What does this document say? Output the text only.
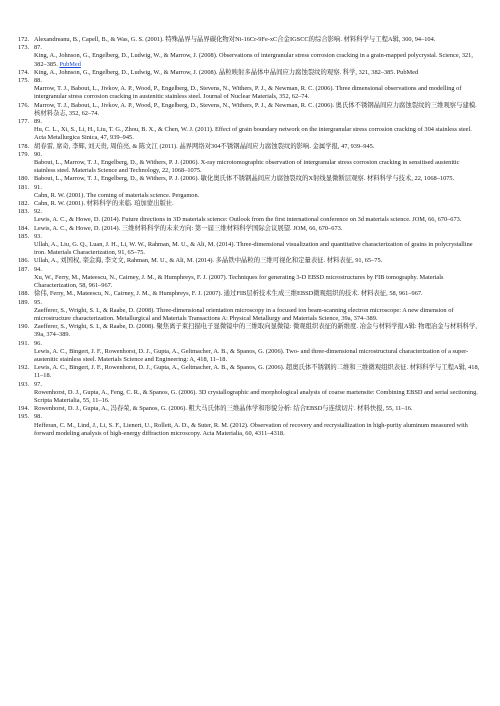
172. Alexandreanu, B., Capell, B., & Was, G. S. (2001). 特殊晶界与晶界碳化物对Ni-16Cr-9Fe-xC合金IGSCC的综合影响. 材料科学与工程A辑, 300, 94–104.
173. 87.
King, A., Johnson, G., Engelberg, D., Ludwig, W., & Marrow, J. (2008). Observations of intergranular stress corrosion cracking in a grain-mapped polycrystal. Science, 321, 382–385. PubMed
174. King, A., Johnson, G., Engelberg, D., Ludwig, W., & Marrow, J. (2008). 晶粒映射多晶体中晶间应力腐蚀裂纹的观察. 科学, 321, 382–385. PubMed
175. 88.
Marrow, T. J., Babout, L., Jivkov, A. P., Wood, P., Engelberg, D., Stevens, N., Withers, P. J., & Newman, R. C. (2006). Three dimensional observations and modelling of intergranular stress corrosion cracking in austenitic stainless steel. Journal of Nuclear Materials, 352, 62–74.
176. Marrow, T. J., Babout, L., Jivkov, A. P., Wood, P., Engelberg, D., Stevens, N., Withers, P. J., & Newman, R. C. (2006). 奥氏体不锈钢晶间应力腐蚀裂纹的三维观察与建模. 核材料杂志, 352, 62–74.
177. 89.
Hu, C. L., Xi, S., Li, H., Liu, T. G., Zhou, B. X., & Chen, W. J. (2011). Effect of grain boundary network on the intergranular stress corrosion cracking of 304 stainless steel. Acta Metallurgica Sinica, 47, 939–945.
178. 胡春雷, 席奇, 李辉, 刘天贵, 周伯亮, & 陈文江 (2011). 晶界网络对304不锈钢晶间应力腐蚀裂纹的影响. 金属学报, 47, 939–945.
179. 90.
Babout, L., Marrow, T. J., Engelberg, D., & Withers, P. J. (2006). X-ray microtomographic observation of intergranular stress corrosion cracking in sensitised austenitic stainless steel. Materials Science and Technology, 22, 1068–1075.
180. Babout, L., Marrow, T. J., Engelberg, D., & Withers, P. J. (2006). 敏化奥氏体不锈钢晶间应力腐蚀裂纹的X射线显微断层观察. 材料科学与技术, 22, 1068–1075.
181. 91.
Cahn, R. W. (2001). The coming of materials science. Pergamon.
182. Cahn, R. W. (2001). 材料科学的来临. 珀加蒙出版社.
183. 92.
Lewis, A. C., & Howe, D. (2014). Future directions in 3D materials science: Outlook from the first international conference on 3d materials science. JOM, 66, 670–673.
184. Lewis, A. C., & Howe, D. (2014). 三维材料科学的未来方向: 第一届三维材料科学国际会议展望. JOM, 66, 670–673.
185. 93.
Ullah, A., Liu, G. Q., Luan, J. H., Li, W. W., Rahman, M. U., & Ali, M. (2014). Three-dimensional visualization and quantitative characterization of grains in polycrystalline iron. Materials Characterization, 91, 65–75.
186. Ullah, A., 刘国权, 栾金海, 李文文, Rahman, M. U., & Ali, M. (2014). 多晶铁中晶粒的三维可视化和定量表征. 材料表征, 91, 65–75.
187. 94.
Xu, W., Ferry, M., Mateescu, N., Cairney, J. M., & Humphreys, F. J. (2007). Techniques for generating 3-D EBSD microstructures by FIB tomography. Materials Characterization, 58, 961–967.
188. 徐伟, Ferry, M., Mateescu, N., Cairney, J. M., & Humphreys, F. J. (2007). 通过FIB层析技术生成三维EBSD微观组织的技术. 材料表征, 58, 961–967.
189. 95.
Zaefferer, S., Wright, S. I., & Raabe, D. (2008). Three-dimensional orientation microscopy in a focused ion beam-scanning electron microscope: A new dimension of microstructure characterization. Metallurgical and Materials Transactions A: Physical Metallurgy and Materials Science, 39a, 374–389.
190. Zaefferer, S., Wright, S. I., & Raabe, D. (2008). 聚焦离子束扫描电子显微镜中的三维取向显微镜: 微观组织表征的新维度. 冶金与材料学报A辑: 物理冶金与材料科学, 39a, 374–389.
191. 96.
Lewis, A. C., Bingert, J. F., Rowenhorst, D. J., Gupta, A., Geltmacher, A. B., & Spanos, G. (2006). Two- and three-dimensional microstructural characterization of a super-austenitic stainless steel. Materials Science and Engineering: A, 418, 11–18.
192. Lewis, A. C., Bingert, J. F., Rowenhorst, D. J., Gupta, A., Geltmacher, A. B., & Spanos, G. (2006). 超奥氏体不锈钢的二维和三维微观组织表征. 材料科学与工程A辑, 418, 11–18.
193. 97.
Rowenhorst, D. J., Gupta, A., Feng, C. R., & Spanos, G. (2006). 3D crystallographic and morphological analysis of coarse martensite: Combining EBSD and serial sectioning. Scripta Materialia, 55, 11–16.
194. Rowenhorst, D. J., Gupta, A., 冯春荣, & Spanos, G. (2006). 粗大马氏体的三维晶体学和形貌分析: 结合EBSD与连续切片. 材料快报, 55, 11–16.
195. 98.
Hefferan, C. M., Lind, J., Li, S. F., Lienert, U., Rollett, A. D., & Suter, R. M. (2012). Observation of recovery and recrystallization in high-purity aluminum measured with forward modeling analysis of high-energy diffraction microscopy. Acta Materialia, 60, 4311–4318.
